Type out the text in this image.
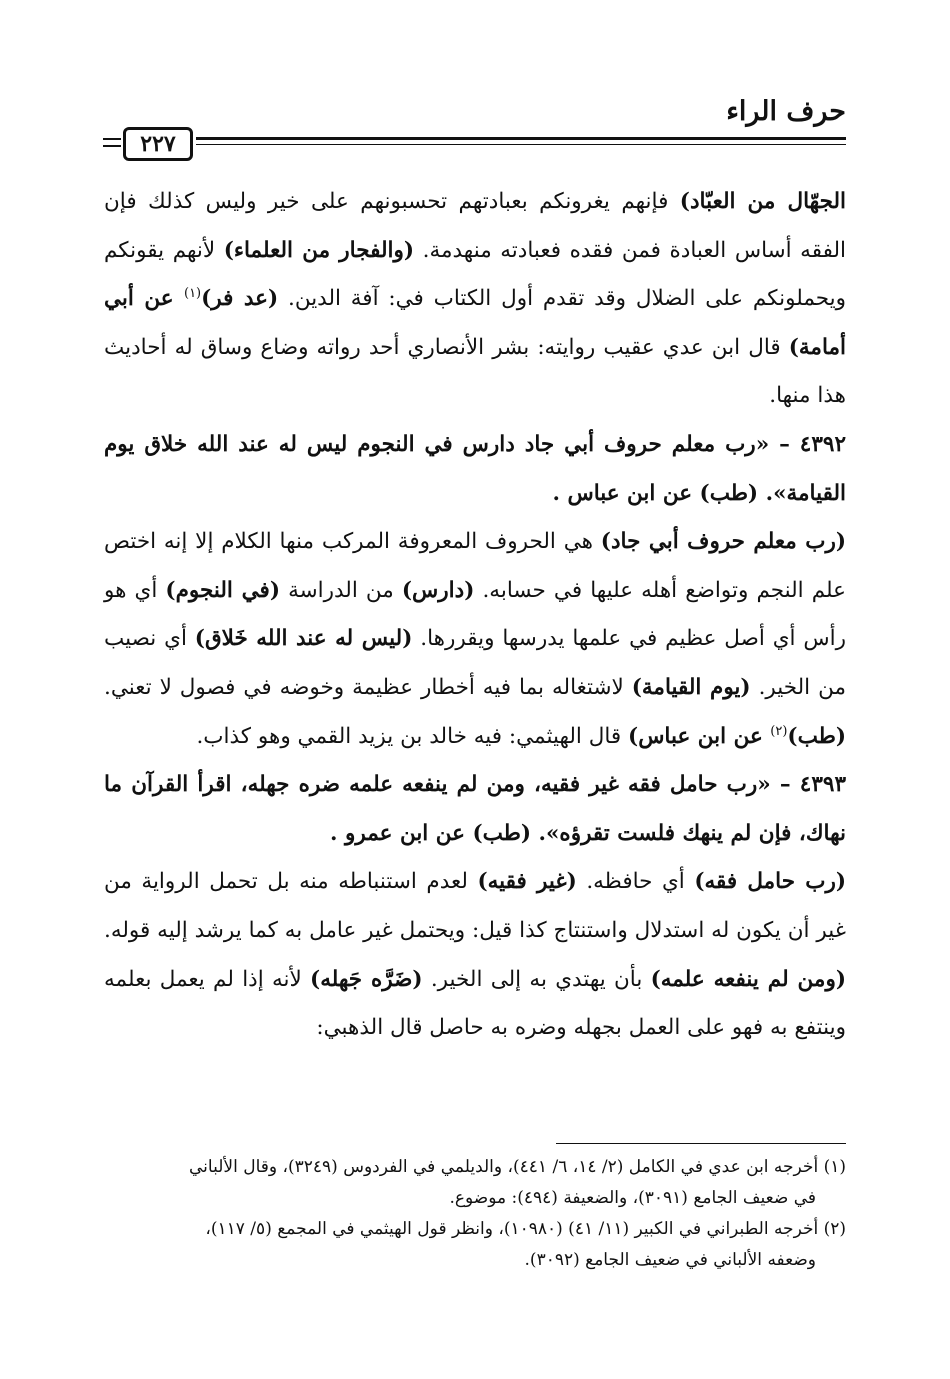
حرف الراء
٢٢٧

الجهّال من العبّاد) فإنهم يغرونكم بعبادتهم تحسبونهم على خير وليس كذلك فإن الفقه أساس العبادة فمن فقده فعبادته منهدمة. (والفجار من العلماء) لأنهم يقونكم ويحملونكم على الضلال وقد تقدم أول الكتاب في: آفة الدين. (عد فر)$^{(١)}$ عن أبي أمامة) قال ابن عدي عقيب روايته: بشر الأنصاري أحد رواته وضاع وساق له أحاديث هذا منها.

٤٣٩٢ – «رب معلم حروف أبي جاد دارس في النجوم ليس له عند الله خلاق يوم القيامة». (طب) عن ابن عباس .

(رب معلم حروف أبي جاد) هي الحروف المعروفة المركب منها الكلام إلا إنه اختص علم النجم وتواضع أهله عليها في حسابه. (دارس) من الدراسة (في النجوم) أي هو رأس أي أصل عظيم في علمها يدرسها ويقررها. (ليس له عند الله خَلاق) أي نصيب من الخير. (يوم القيامة) لاشتغاله بما فيه أخطار عظيمة وخوضه في فصول لا تعني. (طب)$^{(٢)}$ عن ابن عباس) قال الهيثمي: فيه خالد بن يزيد القمي وهو كذاب.

٤٣٩٣ – «رب حامل فقه غير فقيه، ومن لم ينفعه علمه ضره جهله، اقرأ القرآن ما نهاك، فإن لم ينهك فلست تقرؤه». (طب) عن ابن عمرو .

(رب حامل فقه) أي حافظه. (غير فقيه) لعدم استنباطه منه بل تحمل الرواية من غير أن يكون له استدلال واستنتاج كذا قيل: ويحتمل غير عامل به كما يرشد إليه قوله. (ومن لم ينفعه علمه) بأن يهتدي به إلى الخير. (ضَرَّه جَهله) لأنه إذا لم يعمل بعلمه وينتفع به فهو على العمل بجهله وضره به حاصل قال الذهبي:

(١) أخرجه ابن عدي في الكامل (٢/ ١٤، ٦/ ٤٤١)، والديلمي في الفردوس (٣٢٤٩)، وقال الألباني

في ضعيف الجامع (٣٠٩١)، والضعيفة (٤٩٤): موضوع.

(٢) أخرجه الطبراني في الكبير (١١/ ٤١) (١٠٩٨٠)، وانظر قول الهيثمي في المجمع (٥/ ١١٧)،

وضعفه الألباني في ضعيف الجامع (٣٠٩٢).
